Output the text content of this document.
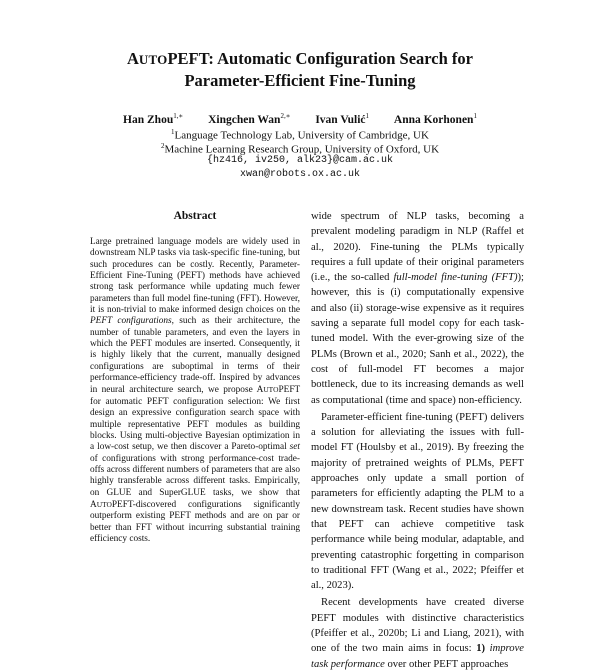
AUTOPEFT: Automatic Configuration Search for
Parameter-Efficient Fine-Tuning
Han Zhou$^{1,∗}$ Xingchen Wan$^{2,∗}$ Ivan Vulić$^1$ Anna Korhonen$^1$
$^1$Language Technology Lab, University of Cambridge, UK
$^2$Machine Learning Research Group, University of Oxford, UK
{hz416, iv250, alk23}@cam.ac.uk
xwan@robots.ox.ac.uk
Abstract

Large pretrained language models are widely used in downstream NLP tasks via task-specific fine-tuning, but such procedures can be costly. Recently, Parameter-Efficient Fine-Tuning (PEFT) methods have achieved strong task performance while updating much fewer parameters than full model fine-tuning (FFT). However, it is non-trivial to make informed design choices on the PEFT configurations, such as their architecture, the number of tunable parameters, and even the layers in which the PEFT modules are inserted. Consequently, it is highly likely that the current, manually designed configurations are suboptimal in terms of their performance-efficiency trade-off. Inspired by advances in neural architecture search, we propose AUTOPEFT for automatic PEFT configuration selection: We first design an expressive configuration search space with multiple representative PEFT modules as building blocks. Using multi-objective Bayesian optimization in a low-cost setup, we then discover a Pareto-optimal set of configurations with strong performance-cost trade-offs across different numbers of parameters that are also highly transferable across different tasks. Empirically, on GLUE and SuperGLUE tasks, we show that AUTOPEFT-discovered configurations significantly outperform existing PEFT methods and are on par or better than FFT without incurring substantial training efficiency costs.

wide spectrum of NLP tasks, becoming a prevalent modeling paradigm in NLP (Raffel et al., 2020). Fine-tuning the PLMs typically requires a full update of their original parameters (i.e., the so-called full-model fine-tuning (FFT)); however, this is (i) computationally expensive and also (ii) storage-wise expensive as it requires saving a separate full model copy for each task-tuned model. With the ever-growing size of the PLMs (Brown et al., 2020; Sanh et al., 2022), the cost of full-model FT becomes a major bottleneck, due to its increasing demands as well as computational (time and space) non-efficiency.

Parameter-efficient fine-tuning (PEFT) delivers a solution for alleviating the issues with full-model FT (Houlsby et al., 2019). By freezing the majority of pretrained weights of PLMs, PEFT approaches only update a small portion of parameters for efficiently adapting the PLM to a new downstream task. Recent studies have shown that PEFT can achieve competitive task performance while being modular, adaptable, and preventing catastrophic forgetting in comparison to traditional FFT (Wang et al., 2022; Pfeiffer et al., 2023).

Recent developments have created diverse PEFT modules with distinctive characteristics (Pfeiffer et al., 2020b; Li and Liang, 2021), with one of the two main aims in focus: 1) improve task performance over other PEFT approaches
